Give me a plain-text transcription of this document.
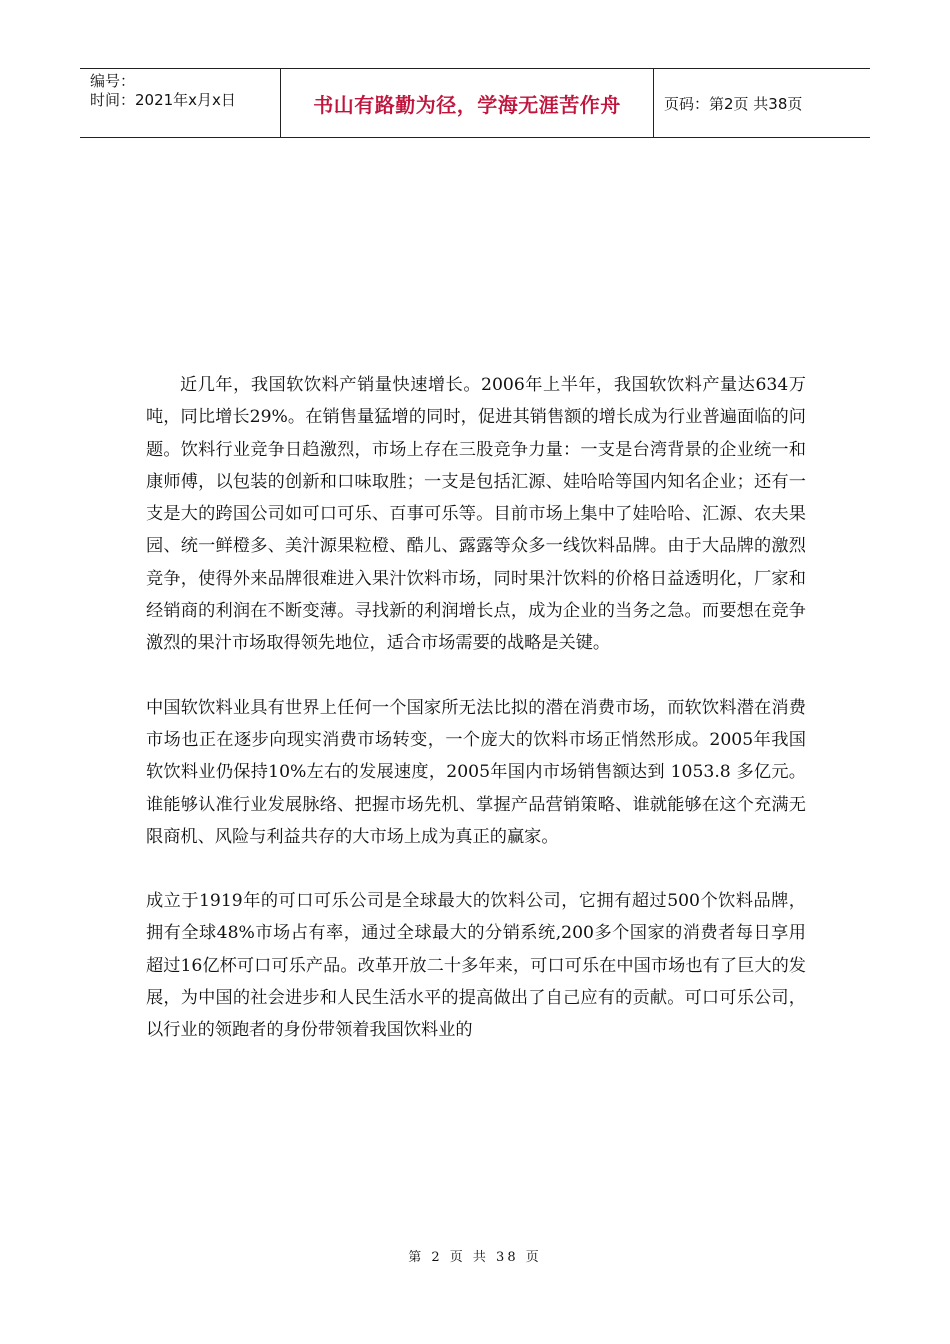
编号：
时间：2021年x月x日	书山有路勤为径，学海无涯苦作舟	页码：第2页 共38页

近几年，我国软饮料产销量快速增长。2006年上半年，我国软饮料产量达634万吨，同比增长29%。在销售量猛增的同时，促进其销售额的增长成为行业普遍面临的问题。饮料行业竞争日趋激烈，市场上存在三股竞争力量：一支是台湾背景的企业统一和康师傅，以包装的创新和口味取胜；一支是包括汇源、娃哈哈等国内知名企业；还有一支是大的跨国公司如可口可乐、百事可乐等。目前市场上集中了娃哈哈、汇源、农夫果园、统一鲜橙多、美汁源果粒橙、酷儿、露露等众多一线饮料品牌。由于大品牌的激烈竞争，使得外来品牌很难进入果汁饮料市场，同时果汁饮料的价格日益透明化，厂家和经销商的利润在不断变薄。寻找新的利润增长点，成为企业的当务之急。而要想在竞争激烈的果汁市场取得领先地位，适合市场需要的战略是关键。

中国软饮料业具有世界上任何一个国家所无法比拟的潜在消费市场，而软饮料潜在消费市场也正在逐步向现实消费市场转变，一个庞大的饮料市场正悄然形成。2005年我国软饮料业仍保持10%左右的发展速度，2005年国内市场销售额达到 1053.8 多亿元。谁能够认准行业发展脉络、把握市场先机、掌握产品营销策略、谁就能够在这个充满无限商机、风险与利益共存的大市场上成为真正的赢家。

成立于1919年的可口可乐公司是全球最大的饮料公司，它拥有超过500个饮料品牌，拥有全球48%市场占有率，通过全球最大的分销系统,200多个国家的消费者每日享用超过16亿杯可口可乐产品。改革开放二十多年来，可口可乐在中国市场也有了巨大的发展，为中国的社会进步和人民生活水平的提高做出了自己应有的贡献。可口可乐公司，以行业的领跑者的身份带领着我国饮料业的

第 2 页 共 38 页
